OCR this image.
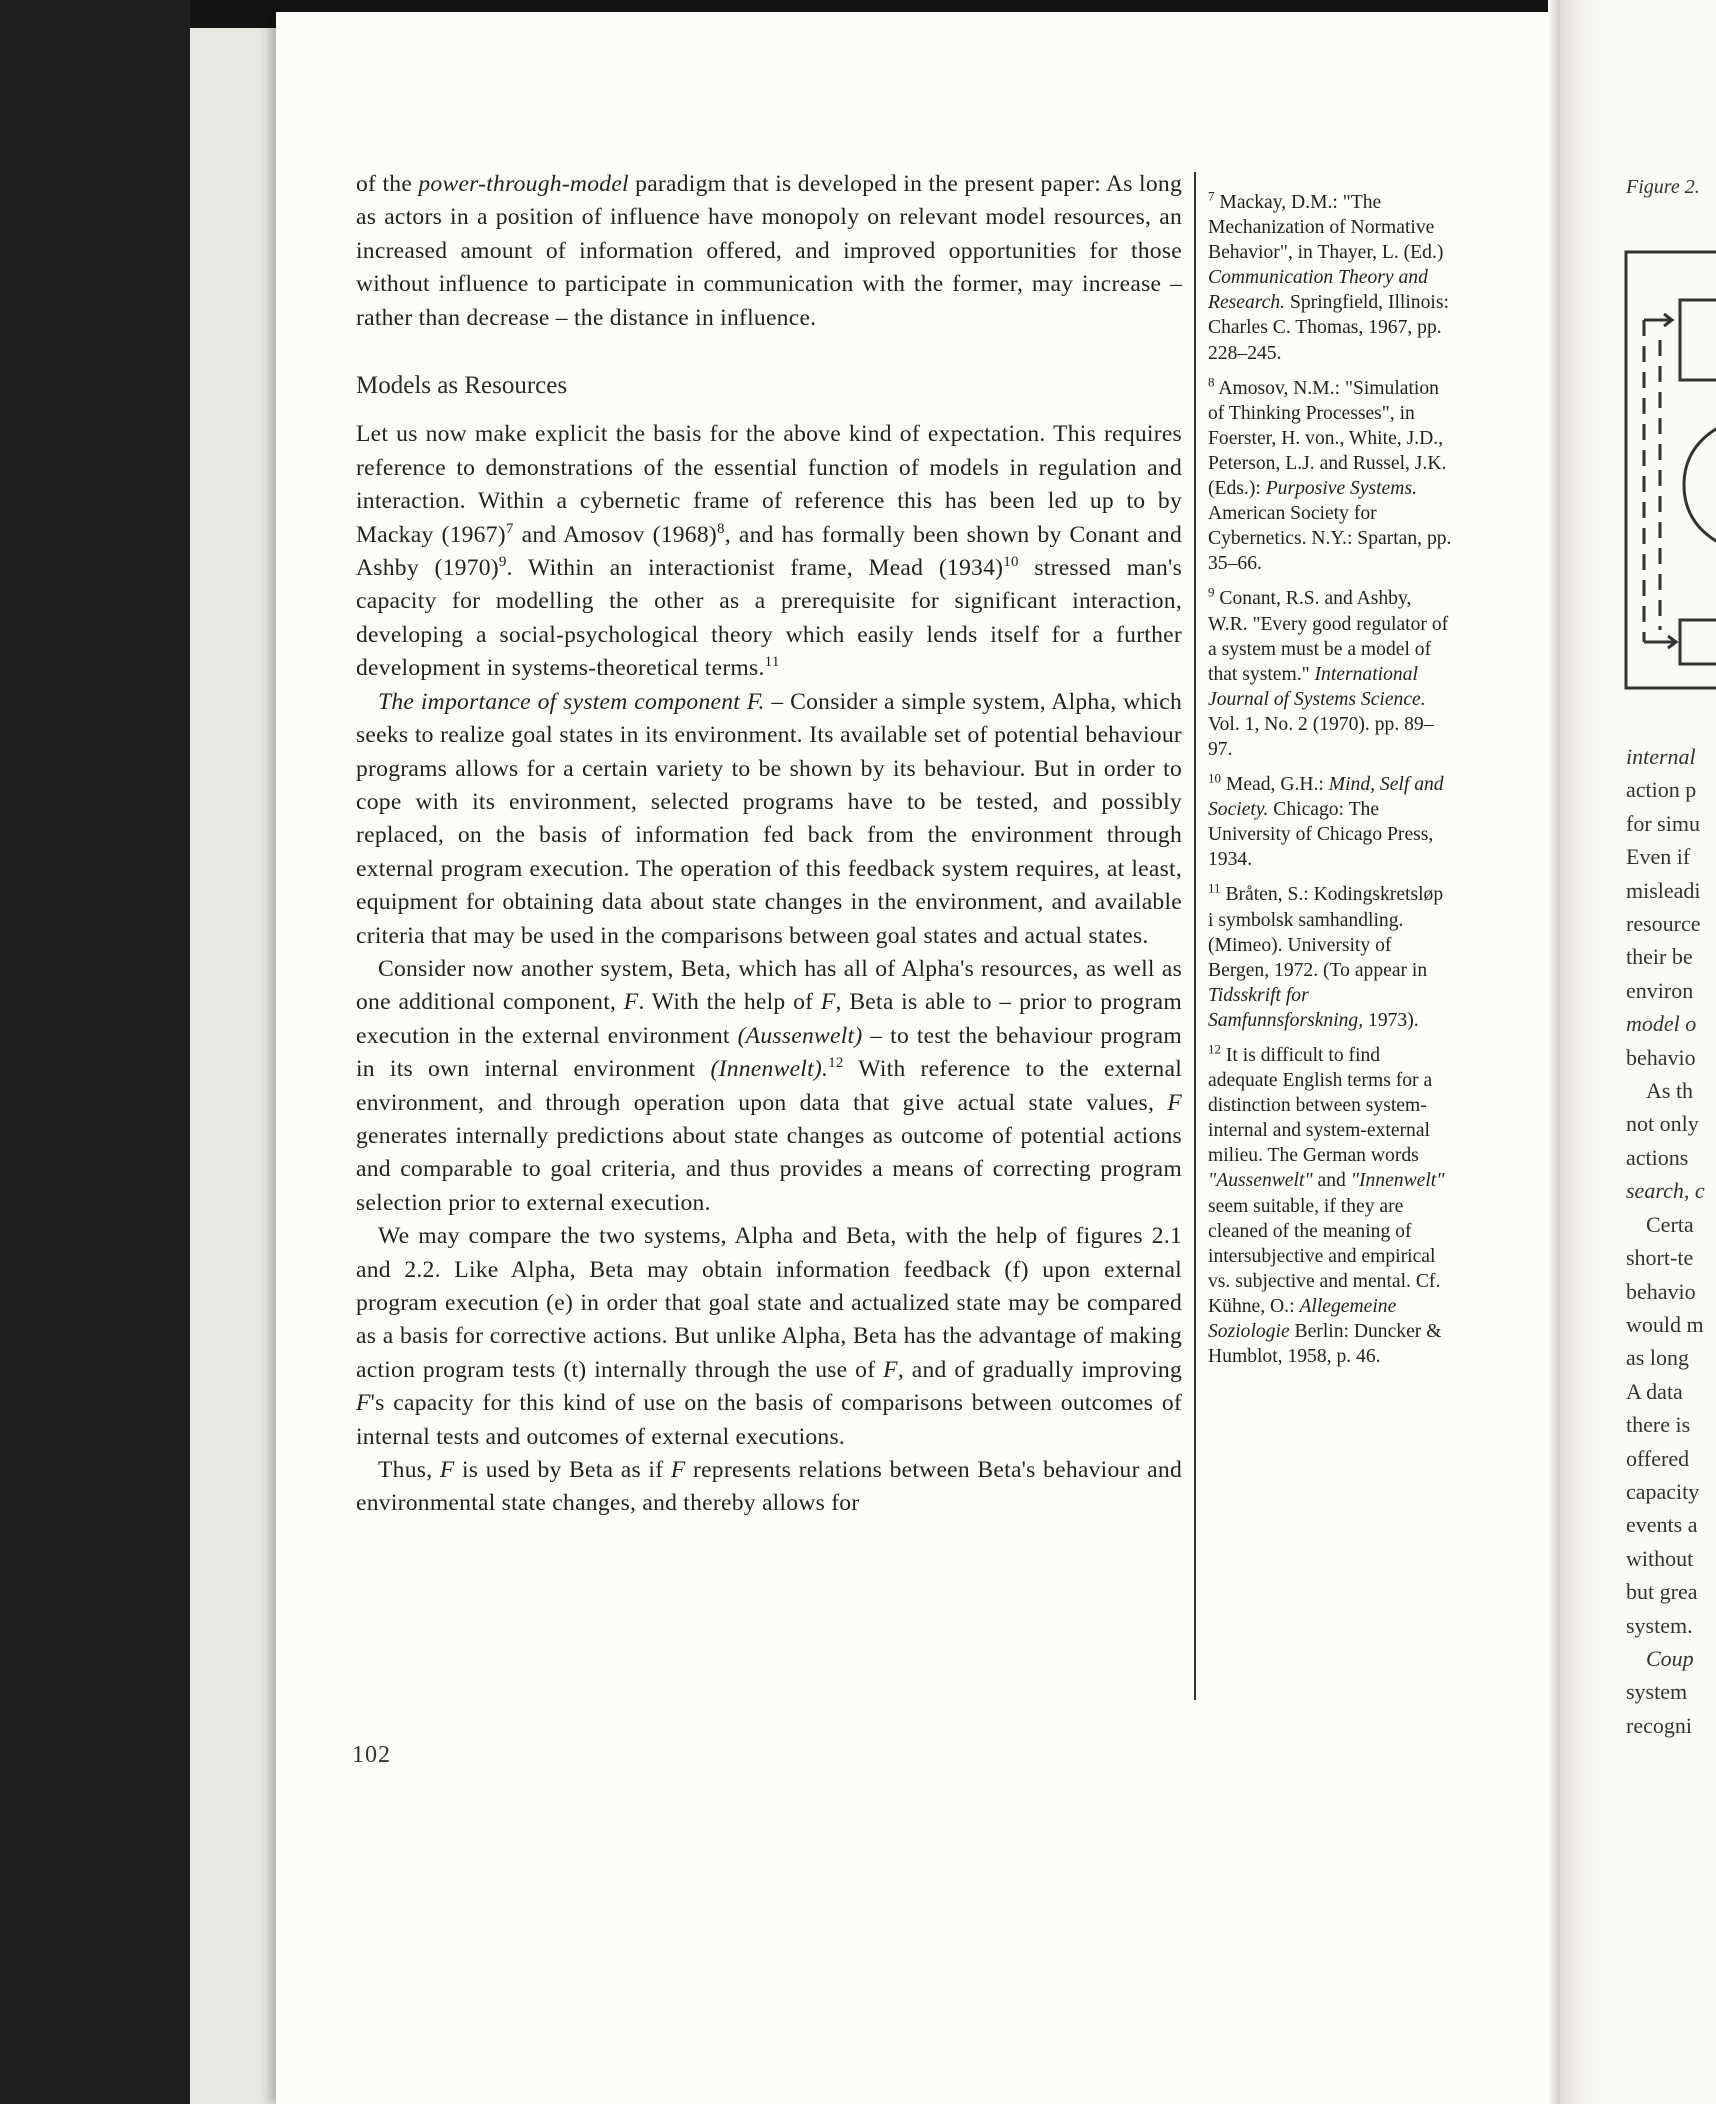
of the power-through-model paradigm that is developed in the present paper: As long as actors in a position of influence have monopoly on relevant model resources, an increased amount of information offered, and improved opportunities for those without influence to participate in communication with the former, may increase – rather than decrease – the distance in influence.

Models as Resources

Let us now make explicit the basis for the above kind of expectation. This requires reference to demonstrations of the essential function of models in regulation and interaction. Within a cybernetic frame of reference this has been led up to by Mackay $(1967)^7$ and Amosov $(1968)^8$, and has formally been shown by Conant and Ashby $(1970)^9$. Within an interactionist frame, Mead $(1934)^{10}$ stressed man's capacity for modelling the other as a prerequisite for significant interaction, developing a social-psychological theory which easily lends itself for a further development in systems-theoretical terms.$^{11}$

The importance of system component F. – Consider a simple system, Alpha, which seeks to realize goal states in its environment. Its available set of potential behaviour programs allows for a certain variety to be shown by its behaviour. But in order to cope with its environment, selected programs have to be tested, and possibly replaced, on the basis of information fed back from the environment through external program execution. The operation of this feedback system requires, at least, equipment for obtaining data about state changes in the environment, and available criteria that may be used in the comparisons between goal states and actual states.

Consider now another system, Beta, which has all of Alpha's resources, as well as one additional component, F. With the help of F, Beta is able to – prior to program execution in the external environment (Aussenwelt) – to test the behaviour program in its own internal environment (Innenwelt).$^{12}$ With reference to the external environment, and through operation upon data that give actual state values, F generates internally predictions about state changes as outcome of potential actions and comparable to goal criteria, and thus provides a means of correcting program selection prior to external execution.

We may compare the two systems, Alpha and Beta, with the help of figures 2.1 and 2.2. Like Alpha, Beta may obtain information feedback (f) upon external program execution (e) in order that goal state and actualized state may be compared as a basis for corrective actions. But unlike Alpha, Beta has the advantage of making action program tests (t) internally through the use of F, and of gradually improving F's capacity for this kind of use on the basis of comparisons between outcomes of internal tests and outcomes of external executions.

Thus, F is used by Beta as if F represents relations between Beta's behaviour and environmental state changes, and thereby allows for

$^7$ Mackay, D.M.: "The Mechanization of Normative Behavior", in Thayer, L. (Ed.) Communication Theory and Research. Springfield, Illinois: Charles C. Thomas, 1967, pp. 228–245.

$^8$ Amosov, N.M.: "Simulation of Thinking Processes", in Foerster, H. von., White, J.D., Peterson, L.J. and Russel, J.K. (Eds.): Purposive Systems. American Society for Cybernetics. N.Y.: Spartan, pp. 35–66.

$^9$ Conant, R.S. and Ashby, W.R. "Every good regulator of a system must be a model of that system." International Journal of Systems Science. Vol. 1, No. 2 (1970). pp. 89–97.

$^{10}$ Mead, G.H.: Mind, Self and Society. Chicago: The University of Chicago Press, 1934.

$^{11}$ Bråten, S.: Kodingskretsløp i symbolsk samhandling. (Mimeo). University of Bergen, 1972. (To appear in Tidsskrift for Samfunnsforskning, 1973).

$^{12}$ It is difficult to find adequate English terms for a distinction between system-internal and system-external milieu. The German words "Aussenwelt" and "Innenwelt" seem suitable, if they are cleaned of the meaning of intersubjective and empirical vs. subjective and mental. Cf. Kühne, O.: Allegemeine Soziologie Berlin: Duncker & Humblot, 1958, p. 46.

102
Figure 2.
internal
action p
for simu
Even if
misleadi
resource
their be
environ
model o
behavio
As th
not only
actions
search, c
Certa
short-te
behavio
would m
as long
A data
there is
offered
capacity
events a
without
but grea
system.
Coup
system
recogni
